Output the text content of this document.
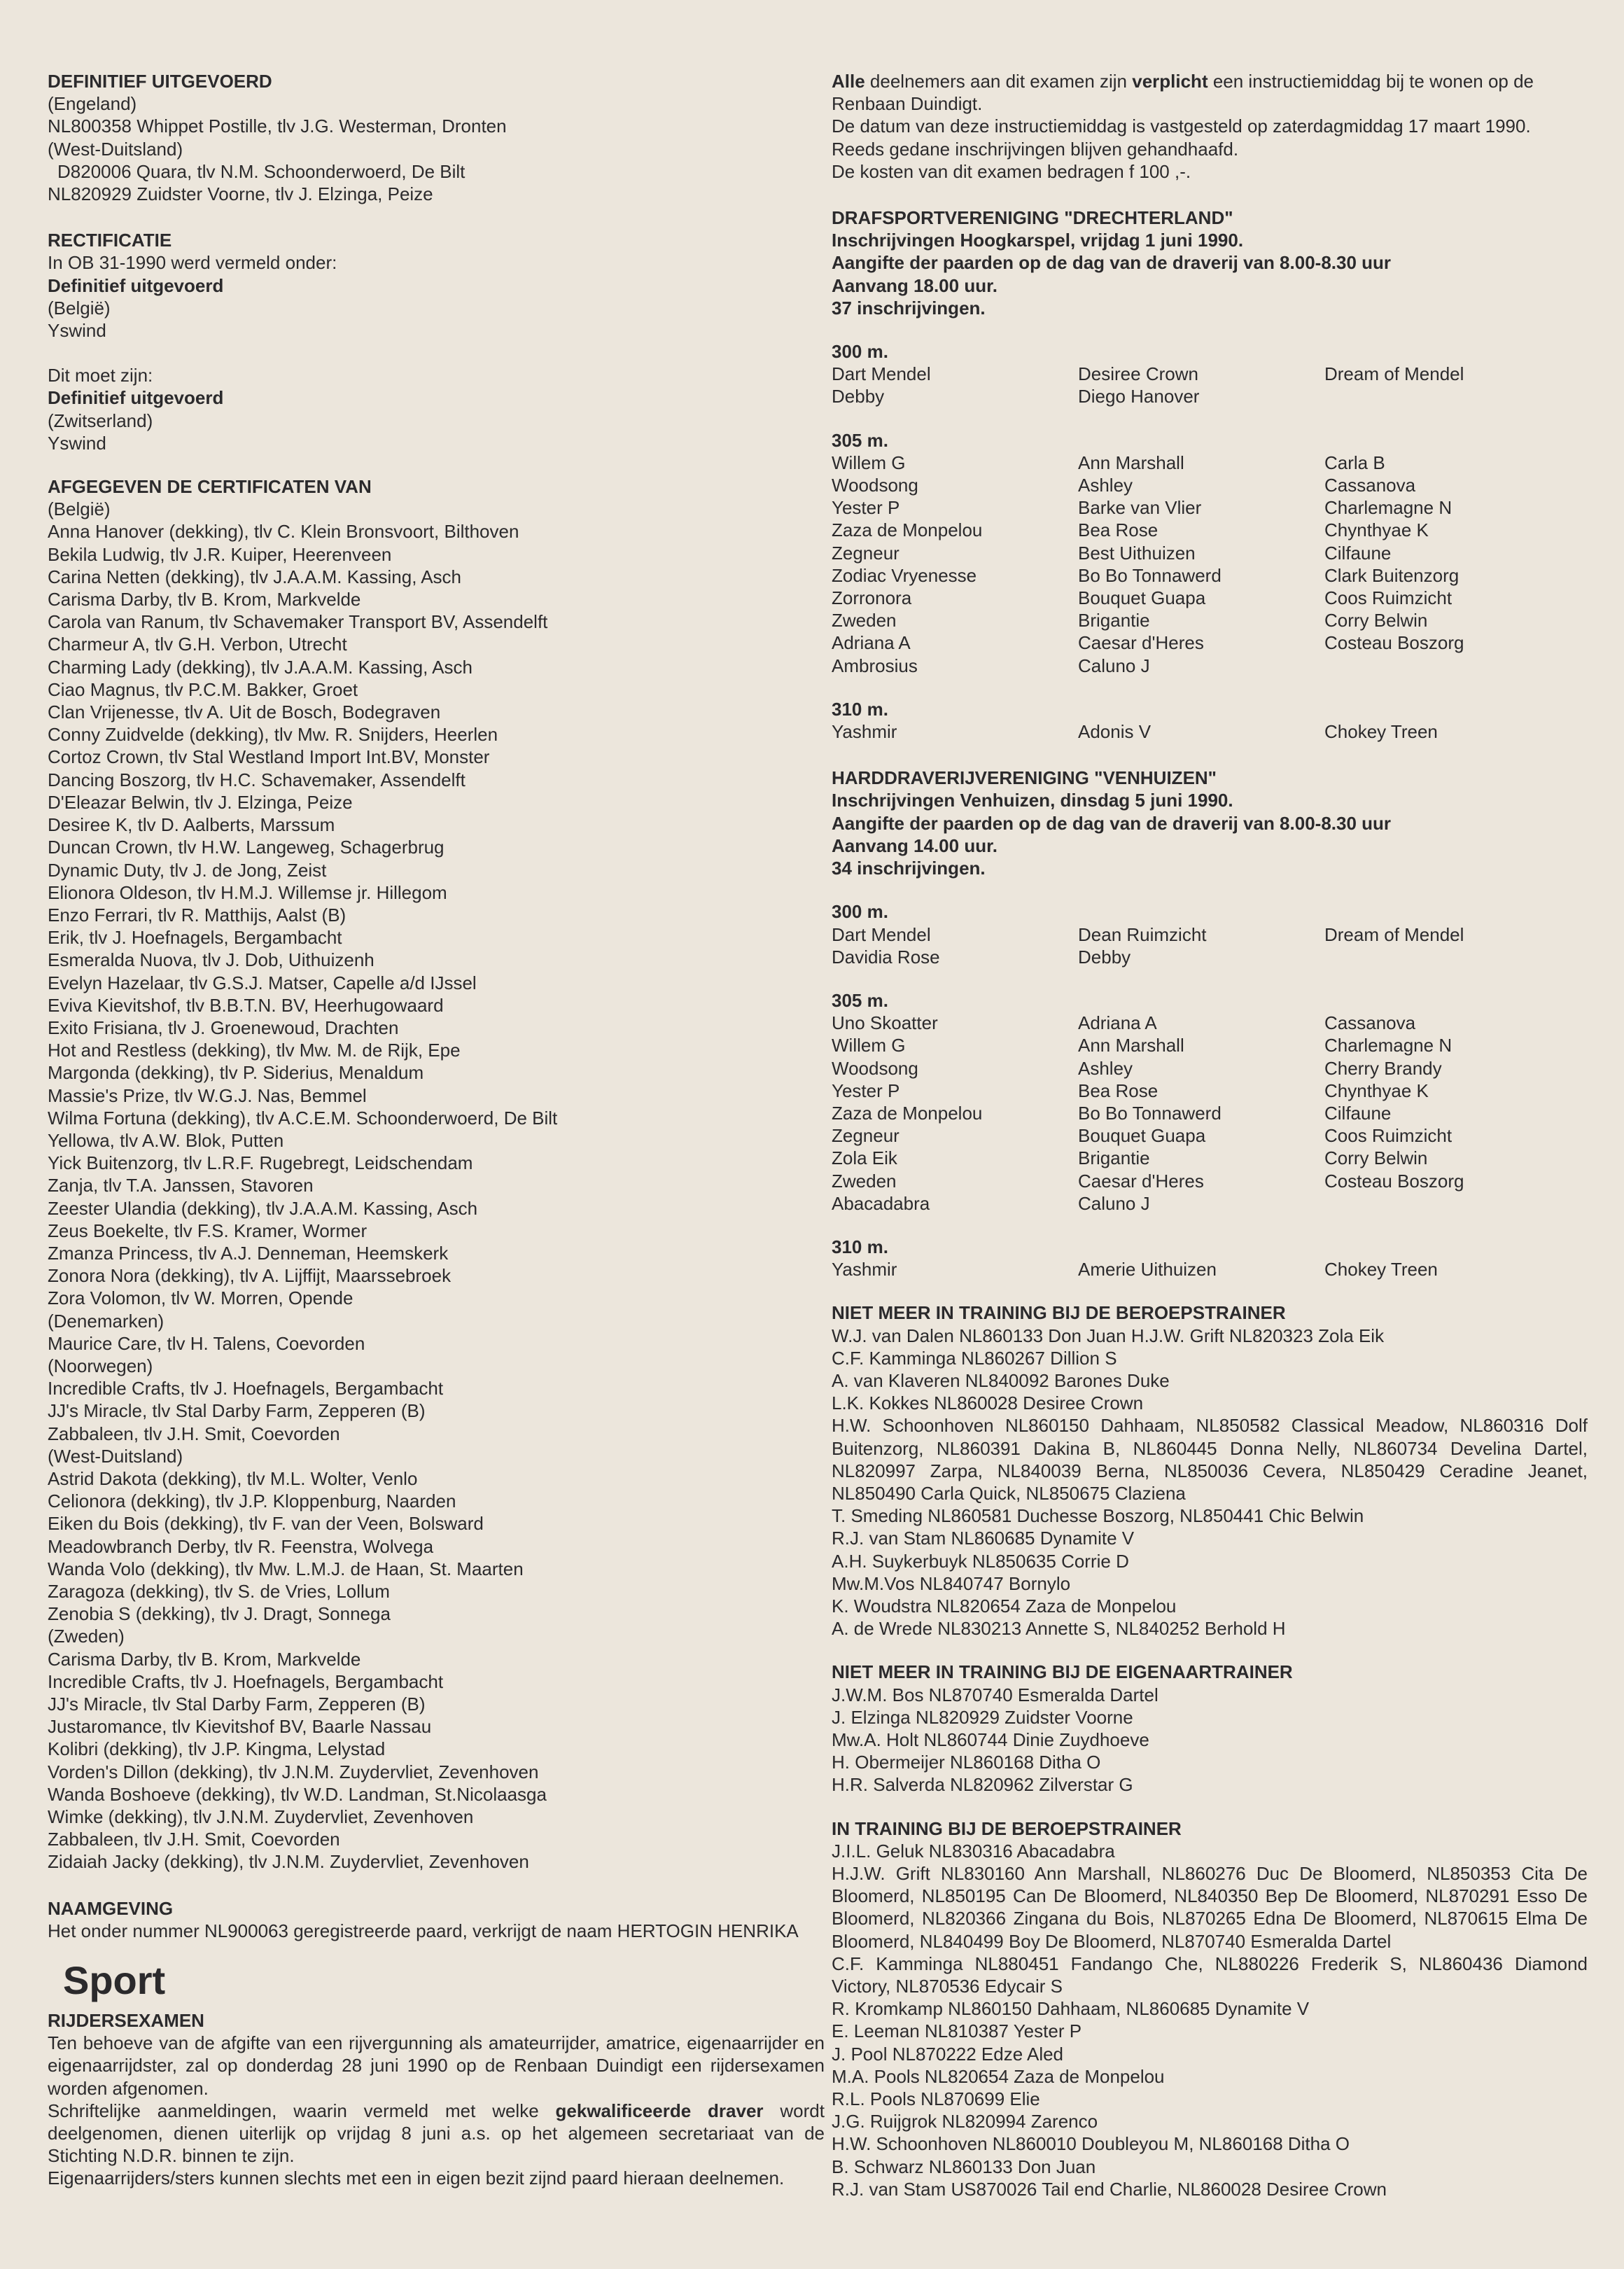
DEFINITIEF UITGEVOERD
(Engeland)
NL800358 Whippet Postille, tlv J.G. Westerman, Dronten
(West-Duitsland)
D820006 Quara, tlv N.M. Schoonderwoerd, De Bilt
NL820929 Zuidster Voorne, tlv J. Elzinga, Peize
RECTIFICATIE
In OB 31-1990 werd vermeld onder:
Definitief uitgevoerd
(België)
Yswind
Dit moet zijn:
Definitief uitgevoerd
(Zwitserland)
Yswind
AFGEGEVEN DE CERTIFICATEN VAN
(België)
Anna Hanover (dekking), tlv C. Klein Bronsvoort, Bilthoven
Bekila Ludwig, tlv J.R. Kuiper, Heerenveen
Carina Netten (dekking), tlv J.A.A.M. Kassing, Asch
Carisma Darby, tlv B. Krom, Markvelde
Carola van Ranum, tlv Schavemaker Transport BV, Assendelft
Charmeur A, tlv G.H. Verbon, Utrecht
Charming Lady (dekking), tlv J.A.A.M. Kassing, Asch
Ciao Magnus, tlv P.C.M. Bakker, Groet
Clan Vrijenesse, tlv A. Uit de Bosch, Bodegraven
Conny Zuidvelde (dekking), tlv Mw. R. Snijders, Heerlen
Cortoz Crown, tlv Stal Westland Import Int.BV, Monster
Dancing Boszorg, tlv H.C. Schavemaker, Assendelft
D'Eleazar Belwin, tlv J. Elzinga, Peize
Desiree K, tlv D. Aalberts, Marssum
Duncan Crown, tlv H.W. Langeweg, Schagerbrug
Dynamic Duty, tlv J. de Jong, Zeist
Elionora Oldeson, tlv H.M.J. Willemse jr. Hillegom
Enzo Ferrari, tlv R. Matthijs, Aalst (B)
Erik, tlv J. Hoefnagels, Bergambacht
Esmeralda Nuova, tlv J. Dob, Uithuizenh
Evelyn Hazelaar, tlv G.S.J. Matser, Capelle a/d IJssel
Eviva Kievitshof, tlv B.B.T.N. BV, Heerhugowaard
Exito Frisiana, tlv J. Groenewoud, Drachten
Hot and Restless (dekking), tlv Mw. M. de Rijk, Epe
Margonda (dekking), tlv P. Siderius, Menaldum
Massie's Prize, tlv W.G.J. Nas, Bemmel
Wilma Fortuna (dekking), tlv A.C.E.M. Schoonderwoerd, De Bilt
Yellowa, tlv A.W. Blok, Putten
Yick Buitenzorg, tlv L.R.F. Rugebregt, Leidschendam
Zanja, tlv T.A. Janssen, Stavoren
Zeester Ulandia (dekking), tlv J.A.A.M. Kassing, Asch
Zeus Boekelte, tlv F.S. Kramer, Wormer
Zmanza Princess, tlv A.J. Denneman, Heemskerk
Zonora Nora (dekking), tlv A. Lijffijt, Maarssebroek
Zora Volomon, tlv W. Morren, Opende
(Denemarken)
Maurice Care, tlv H. Talens, Coevorden
(Noorwegen)
Incredible Crafts, tlv J. Hoefnagels, Bergambacht
JJ's Miracle, tlv Stal Darby Farm, Zepperen (B)
Zabbaleen, tlv J.H. Smit, Coevorden
(West-Duitsland)
Astrid Dakota (dekking), tlv M.L. Wolter, Venlo
Celionora (dekking), tlv J.P. Kloppenburg, Naarden
Eiken du Bois (dekking), tlv F. van der Veen, Bolsward
Meadowbranch Derby, tlv R. Feenstra, Wolvega
Wanda Volo (dekking), tlv Mw. L.M.J. de Haan, St. Maarten
Zaragoza (dekking), tlv S. de Vries, Lollum
Zenobia S (dekking), tlv J. Dragt, Sonnega
(Zweden)
Carisma Darby, tlv B. Krom, Markvelde
Incredible Crafts, tlv J. Hoefnagels, Bergambacht
JJ's Miracle, tlv Stal Darby Farm, Zepperen (B)
Justaromance, tlv Kievitshof BV, Baarle Nassau
Kolibri (dekking), tlv J.P. Kingma, Lelystad
Vorden's Dillon (dekking), tlv J.N.M. Zuydervliet, Zevenhoven
Wanda Boshoeve (dekking), tlv W.D. Landman, St.Nicolaasga
Wimke (dekking), tlv J.N.M. Zuydervliet, Zevenhoven
Zabbaleen, tlv J.H. Smit, Coevorden
Zidaiah Jacky (dekking), tlv J.N.M. Zuydervliet, Zevenhoven
NAAMGEVING
Het onder nummer NL900063 geregistreerde paard, verkrijgt de naam HERTOGIN HENRIKA
Sport
RIJDERSEXAMEN
Ten behoeve van de afgifte van een rijvergunning als amateurrijder, amatrice, eigenaarrijder en eigenaarrijdster, zal op donderdag 28 juni 1990 op de Renbaan Duindigt een rijdersexamen worden afgenomen.
Schriftelijke aanmeldingen, waarin vermeld met welke gekwalificeerde draver wordt deelgenomen, dienen uiterlijk op vrijdag 8 juni a.s. op het algemeen secretariaat van de Stichting N.D.R. binnen te zijn.
Eigenaarrijders/sters kunnen slechts met een in eigen bezit zijnd paard hieraan deelnemen.
Alle deelnemers aan dit examen zijn verplicht een instructiemiddag bij te wonen op de Renbaan Duindigt.
De datum van deze instructiemiddag is vastgesteld op zaterdagmiddag 17 maart 1990.
Reeds gedane inschrijvingen blijven gehandhaafd.
De kosten van dit examen bedragen f 100 ,-.
DRAFSPORTVERENIGING "DRECHTERLAND"
Inschrijvingen Hoogkarspel, vrijdag 1 juni 1990.
Aangifte der paarden op de dag van de draverij van 8.00-8.30 uur
Aanvang 18.00 uur.
37 inschrijvingen.
300 m.
Dart Mendel	Desiree Crown	Dream of Mendel
Debby	Diego Hanover
305 m.
Willem G	Ann Marshall	Carla B
Woodsong	Ashley	Cassanova
Yester P	Barke van Vlier	Charlemagne N
Zaza de Monpelou	Bea Rose	Chynthyae K
Zegneur	Best Uithuizen	Cilfaune
Zodiac Vryenesse	Bo Bo Tonnawerd	Clark Buitenzorg
Zorronora	Bouquet Guapa	Coos Ruimzicht
Zweden	Brigantie	Corry Belwin
Adriana A	Caesar d'Heres	Costeau Boszorg
Ambrosius	Caluno J
310 m.
Yashmir	Adonis V	Chokey Treen
HARDDRAVERIJVERENIGING "VENHUIZEN"
Inschrijvingen Venhuizen, dinsdag 5 juni 1990.
Aangifte der paarden op de dag van de draverij van 8.00-8.30 uur
Aanvang 14.00 uur.
34 inschrijvingen.
300 m.
Dart Mendel	Dean Ruimzicht	Dream of Mendel
Davidia Rose	Debby
305 m.
Uno Skoatter	Adriana A	Cassanova
Willem G	Ann Marshall	Charlemagne N
Woodsong	Ashley	Cherry Brandy
Yester P	Bea Rose	Chynthyae K
Zaza de Monpelou	Bo Bo Tonnawerd	Cilfaune
Zegneur	Bouquet Guapa	Coos Ruimzicht
Zola Eik	Brigantie	Corry Belwin
Zweden	Caesar d'Heres	Costeau Boszorg
Abacadabra	Caluno J
310 m.
Yashmir	Amerie Uithuizen	Chokey Treen
NIET MEER IN TRAINING BIJ DE BEROEPSTRAINER
W.J. van Dalen NL860133 Don Juan H.J.W. Grift NL820323 Zola Eik
C.F. Kamminga NL860267 Dillion S
A. van Klaveren NL840092 Barones Duke
L.K. Kokkes NL860028 Desiree Crown
H.W. Schoonhoven NL860150 Dahhaam, NL850582 Classical Meadow, NL860316 Dolf Buitenzorg, NL860391 Dakina B, NL860445 Donna Nelly, NL860734 Develina Dartel, NL820997 Zarpa, NL840039 Berna, NL850036 Cevera, NL850429 Ceradine Jeanet, NL850490 Carla Quick, NL850675 Claziena
T. Smeding NL860581 Duchesse Boszorg, NL850441 Chic Belwin
R.J. van Stam NL860685 Dynamite V
A.H. Suykerbuyk NL850635 Corrie D
Mw.M.Vos NL840747 Bornylo
K. Woudstra NL820654 Zaza de Monpelou
A. de Wrede NL830213 Annette S, NL840252 Berhold H
NIET MEER IN TRAINING BIJ DE EIGENAARTRAINER
J.W.M. Bos NL870740 Esmeralda Dartel
J. Elzinga NL820929 Zuidster Voorne
Mw.A. Holt NL860744 Dinie Zuydhoeve
H. Obermeijer NL860168 Ditha O
H.R. Salverda NL820962 Zilverstar G
IN TRAINING BIJ DE BEROEPSTRAINER
J.I.L. Geluk NL830316 Abacadabra
H.J.W. Grift NL830160 Ann Marshall, NL860276 Duc De Bloomerd, NL850353 Cita De Bloomerd, NL850195 Can De Bloomerd, NL840350 Bep De Bloomerd, NL870291 Esso De Bloomerd, NL820366 Zingana du Bois, NL870265 Edna De Bloomerd, NL870615 Elma De Bloomerd, NL840499 Boy De Bloomerd, NL870740 Esmeralda Dartel
C.F. Kamminga NL880451 Fandango Che, NL880226 Frederik S, NL860436 Diamond Victory, NL870536 Edycair S
R. Kromkamp NL860150 Dahhaam, NL860685 Dynamite V
E. Leeman NL810387 Yester P
J. Pool NL870222 Edze Aled
M.A. Pools NL820654 Zaza de Monpelou
R.L. Pools NL870699 Elie
J.G. Ruijgrok NL820994 Zarenco
H.W. Schoonhoven NL860010 Doubleyou M, NL860168 Ditha O
B. Schwarz NL860133 Don Juan
R.J. van Stam US870026 Tail end Charlie, NL860028 Desiree Crown
